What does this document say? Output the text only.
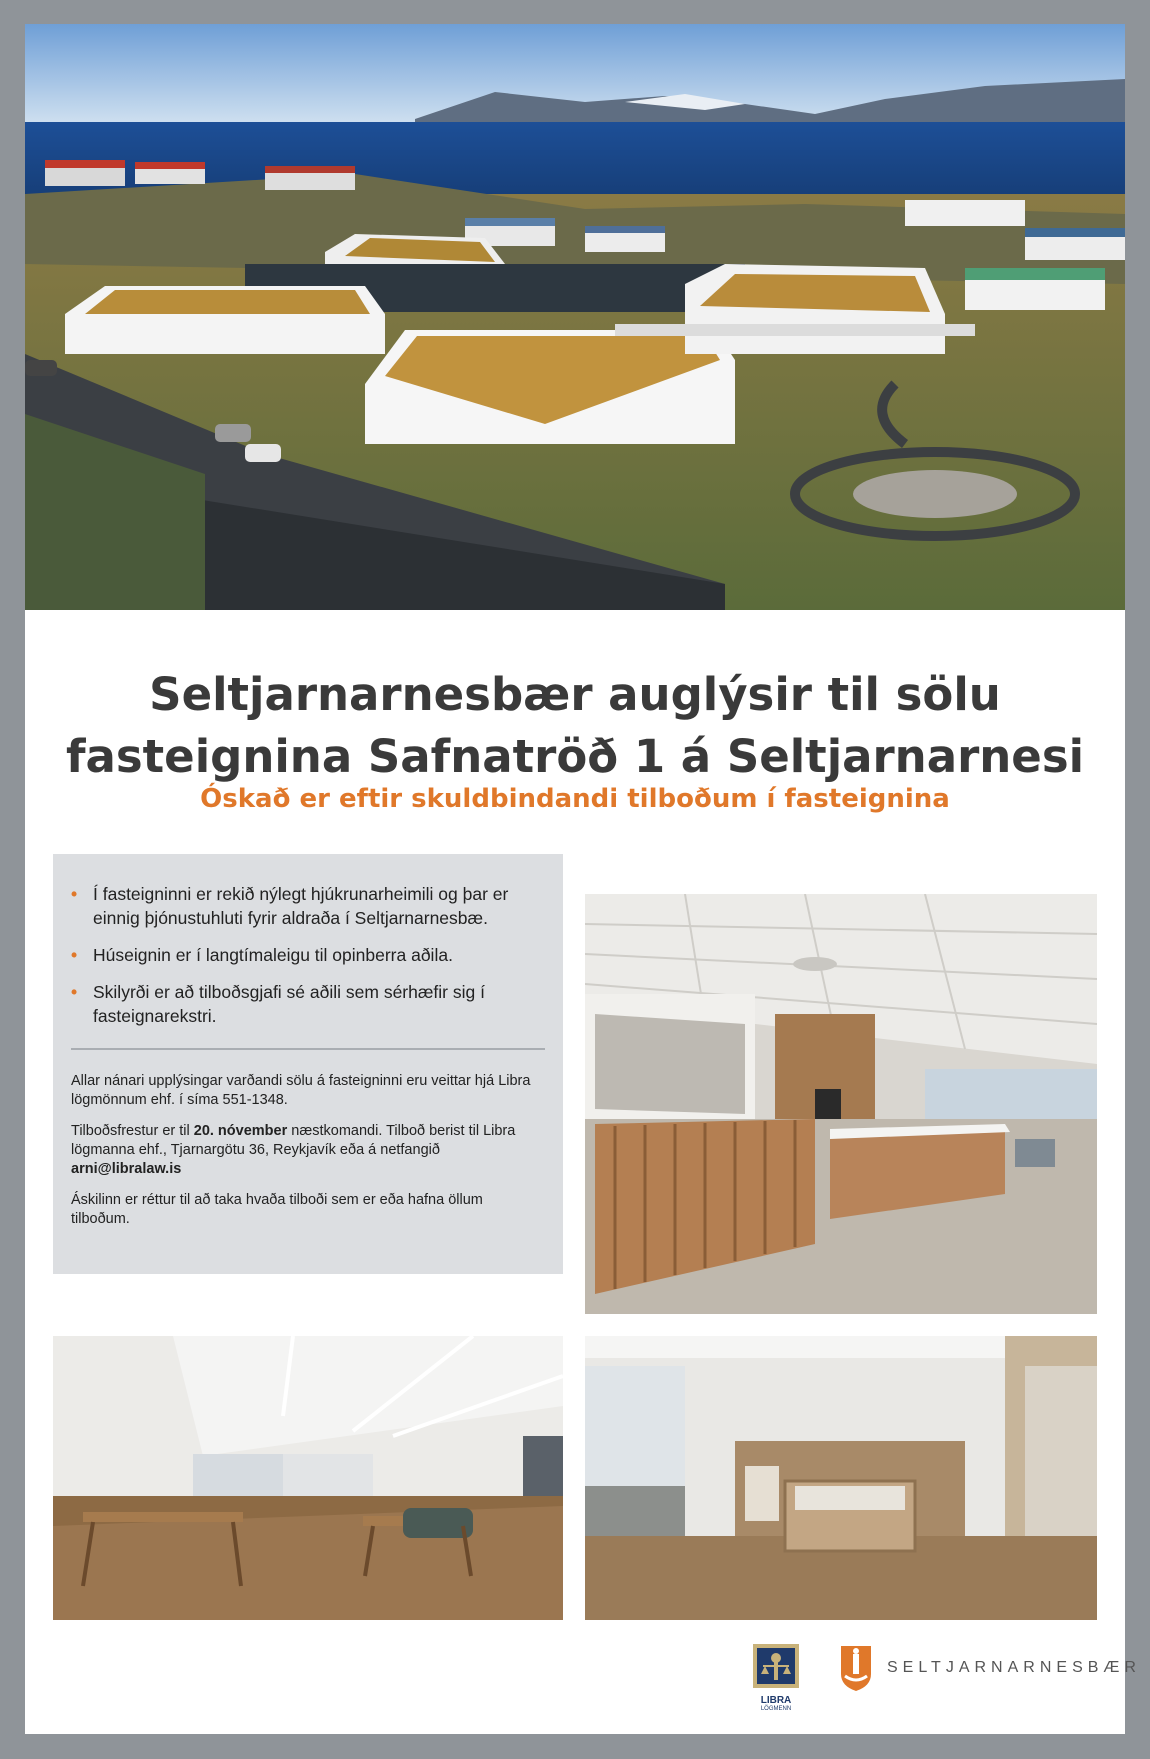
Seltjarnarnesbær auglýsir til sölu
fasteignina Safnatröð 1 á Seltjarnarnesi
Óskað er eftir skuldbindandi tilboðum í fasteignina
• Í fasteigninni er rekið nýlegt hjúkrunarheimili og þar er einnig þjónustuhluti fyrir aldraða í Seltjarnarnesbæ.
• Húseignin er í langtímaleigu til opinberra aðila.
• Skilyrði er að tilboðsgjafi sé aðili sem sérhæfir sig í fasteignarekstri.

Allar nánari upplýsingar varðandi sölu á fasteigninni eru veittar hjá Libra lögmönnum ehf. í síma 551-1348.

Tilboðsfrestur er til 20. nóvember næstkomandi. Tilboð berist til Libra lögmanna ehf., Tjarnargötu 36, Reykjavík eða á netfangið arni@libralaw.is

Áskilinn er réttur til að taka hvaða tilboði sem er eða hafna öllum tilboðum.

LIBRA
LÖGMENN
SELTJARNARNESBÆR
